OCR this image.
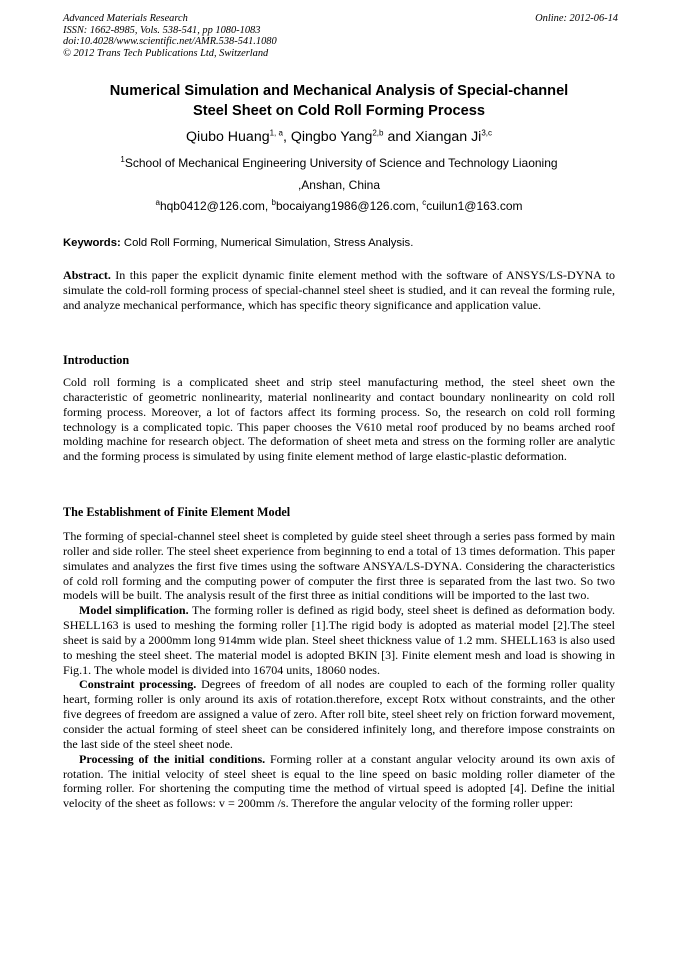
Advanced Materials Research
ISSN: 1662-8985, Vols. 538-541, pp 1080-1083
doi:10.4028/www.scientific.net/AMR.538-541.1080
© 2012 Trans Tech Publications Ltd, Switzerland
Online: 2012-06-14
Numerical Simulation and Mechanical Analysis of Special-channel
Steel Sheet on Cold Roll Forming Process
Qiubo Huang$^{1, a}$, Qingbo Yang$^{2,b}$ and Xiangan Ji$^{3,c}$
$^1$School of Mechanical Engineering University of Science and Technology Liaoning
,Anshan, China
$^a$hqb0412@126.com, $^b$bocaiyang1986@126.com, $^c$cuilun1@163.com
Keywords: Cold Roll Forming, Numerical Simulation, Stress Analysis.
Abstract. In this paper the explicit dynamic finite element method with the software of ANSYS/LS-DYNA to simulate the cold-roll forming process of special-channel steel sheet is studied, and it can reveal the forming rule, and analyze mechanical performance, which has specific theory significance and application value.
Introduction
Cold roll forming is a complicated sheet and strip steel manufacturing method, the steel sheet own the characteristic of geometric nonlinearity, material nonlinearity and contact boundary nonlinearity on cold roll forming process. Moreover, a lot of factors affect its forming process. So, the research on cold roll forming technology is a complicated topic. This paper chooses the V610 metal roof produced by no beams arched roof molding machine for research object. The deformation of sheet meta and stress on the forming roller are analytic and the forming process is simulated by using finite element method of large elastic-plastic deformation.
The Establishment of Finite Element Model
The forming of special-channel steel sheet is completed by guide steel sheet through a series pass formed by main roller and side roller. The steel sheet experience from beginning to end a total of 13 times deformation. This paper simulates and analyzes the first five times using the software ANSYA/LS-DYNA. Considering the characteristics of cold roll forming and the computing power of computer the first three is separated from the last two. So two models will be built. The analysis result of the first three as initial conditions will be imported to the last two.
Model simplification. The forming roller is defined as rigid body, steel sheet is defined as deformation body. SHELL163 is used to meshing the forming roller [1].The rigid body is adopted as material model [2].The steel sheet is said by a 2000mm long 914mm wide plan. Steel sheet thickness value of 1.2 mm. SHELL163 is also used to meshing the steel sheet. The material model is adopted BKIN [3]. Finite element mesh and load is showing in Fig.1. The whole model is divided into 16704 units, 18060 nodes.
Constraint processing. Degrees of freedom of all nodes are coupled to each of the forming roller quality heart, forming roller is only around its axis of rotation.therefore, except Rotx without constraints, and the other five degrees of freedom are assigned a value of zero. After roll bite, steel sheet rely on friction forward movement, consider the actual forming of steel sheet can be considered infinitely long, and therefore impose constraints on the last side of the steel sheet node.
Processing of the initial conditions. Forming roller at a constant angular velocity around its own axis of rotation. The initial velocity of steel sheet is equal to the line speed on basic molding roller diameter of the forming roller. For shortening the computing time the method of virtual speed is adopted [4]. Define the initial velocity of the sheet as follows: v = 200mm /s. Therefore the angular velocity of the forming roller upper:
